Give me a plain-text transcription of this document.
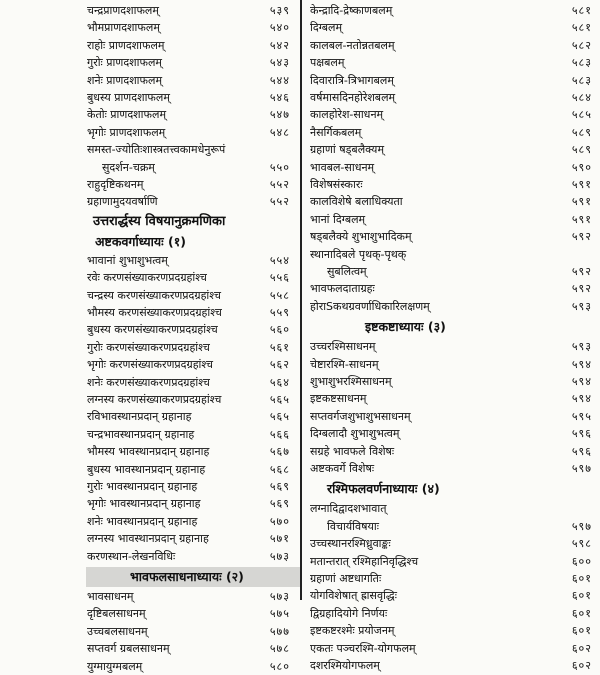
चन्द्रप्राणदशाफलम्	५३९
भौमप्राणदशाफलम्	५४०
राहोः प्राणदशाफलम्	५४२
गुरोः प्राणदशाफलम्	५४३
शनेः प्राणदशाफलम्	५४४
बुधस्य प्राणदशाफलम्	५४६
केतोः प्राणदशाफलम्	५४७
भृगोः प्राणदशाफलम्	५४८
समस्त-ज्योतिःशास्त्रतत्त्वकामधेनुरूपं
सुदर्शन-चक्रम्	५५०
राहुदृष्टिकथनम्	५५२
ग्रहाणामुदयवर्षाणि	५५२
उत्तरार्द्धस्य विषयानुक्रमणिका
अष्टकवर्गाध्यायः (१)
भावानां शुभाशुभत्वम्	५५४
रवेः करणसंख्याकरणप्रदग्रहांश्च	५५६
चन्द्रस्य करणसंख्याकरणप्रदग्रहांश्च	५५८
भौमस्य करणसंख्याकरणप्रदग्रहांश्च	५५९
बुधस्य करणसंख्याकरणप्रदग्रहांश्च	५६०
गुरोः करणसंख्याकरणप्रदग्रहांश्च	५६१
भृगोः करणसंख्याकरणप्रदग्रहांश्च	५६२
शनेः करणसंख्याकरणप्रदग्रहांश्च	५६४
लग्नस्य करणसंख्याकरणप्रदग्रहांश्च	५६५
रविभावस्थानप्रदान् ग्रहानाह	५६५
चन्द्रभावस्थानप्रदान् ग्रहानाह	५६६
भौमस्य भावस्थानप्रदान् ग्रहानाह	५६७
बुधस्य भावस्थानप्रदान् ग्रहानाह	५६८
गुरोः भावस्थानप्रदान् ग्रहानाह	५६९
भृगोः भावस्थानप्रदान् ग्रहानाह	५६९
शनेः भावस्थानप्रदान् ग्रहानाह	५७०
लग्नस्य भावस्थानप्रदान् ग्रहानाह	५७१
करणस्थान-लेखनविधिः	५७३
भावफलसाधनाध्यायः (२)
भावसाधनम्	५७३
दृष्टिबलसाधनम्	५७५
उच्चबलसाधनम्	५७७
सप्तवर्ग ग्रबलसाधनम्	५७८
युग्मायुग्मबलम्	५८०
केन्द्रादि-द्रेष्काणबलम्	५८१
दिग्बलम्	५८१
कालबल-नतोन्नतबलम्	५८२
पक्षबलम्	५८३
दिवारात्रि-त्रिभागबलम्	५८३
वर्षमासदिनहोरेशबलम्	५८४
कालहोरेश-साधनम्	५८५
नैसर्गिकबलम्	५८९
ग्रहाणां षड्बलैक्यम्	५८९
भावबल-साधनम्	५९०
विशेषसंस्कारः	५९१
कालविशेषे बलाधिक्यता	५९१
भानां दिग्बलम्	५९१
षड्बलैक्ये शुभाशुभादिकम्	५९२
स्थानादिबले पृथक्-पृथक्
सुबलित्वम्	५९२
भावफलदाताग्रहः	५९२
होराSकथग्रवर्णाधिकारिलक्षणम्	५९३
इष्टकष्टाध्यायः (३)
उच्चरश्मिसाधनम्	५९३
चेष्टारश्मि-साधनम्	५९४
शुभाशुभरश्मिसाधनम्	५९४
इष्टकष्टसाधनम्	५९४
सप्तवर्गजशुभाशुभसाधनम्	५९५
दिग्बलादौ शुभाशुभत्वम्	५९६
सग्रहे भावफले विशेषः	५९६
अष्टकवर्गे विशेषः	५९७
रश्मिफलवर्णनाध्यायः (४)
लग्नादिद्वादशभावात्
विचार्यविषयाः	५९७
उच्चस्थानरश्मिध्रुवाङ्कः	५९८
मतान्तरात् रश्मिहानिवृद्धिश्च	६००
ग्रहाणां अष्टधागतिः	६०१
योगविशेषात् ह्रासवृद्धिः	६०१
द्विग्रहादियोगे निर्णयः	६०१
इष्टकष्टरश्मेः प्रयोजनम्	६०१
एकतः पञ्चरश्मि-योगफलम्	६०२
दशरश्मियोगफलम्	६०२
